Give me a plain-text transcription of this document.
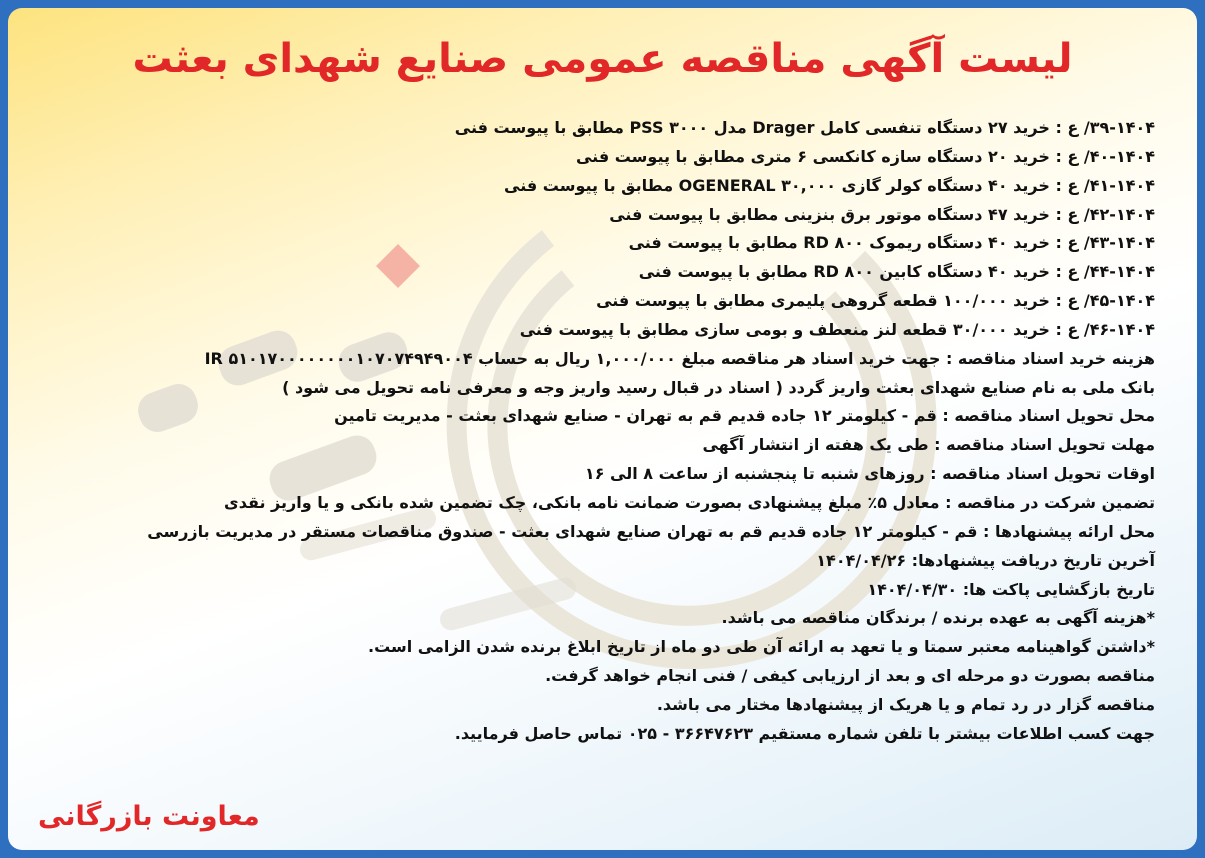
لیست آگهی مناقصه عمومی صنایع شهدای بعثت
۳۹-۱۴۰۴/ ع : خرید ۲۷ دستگاه تنفسی کامل Drager مدل ۳۰۰۰ PSS مطابق با پیوست فنی
۴۰-۱۴۰۴/ ع : خرید ۲۰ دستگاه سازه کانکسی ۶ متری مطابق با پیوست فنی
۴۱-۱۴۰۴/ ع : خرید ۴۰ دستگاه کولر گازی ۳۰,۰۰۰ OGENERAL مطابق با پیوست فنی
۴۲-۱۴۰۴/ ع : خرید ۴۷ دستگاه موتور برق بنزینی مطابق با پیوست فنی
۴۳-۱۴۰۴/ ع : خرید ۴۰ دستگاه ریموک ۸۰۰ RD مطابق با پیوست فنی
۴۴-۱۴۰۴/ ع : خرید ۴۰ دستگاه کابین ۸۰۰ RD مطابق با پیوست فنی
۴۵-۱۴۰۴/ ع : خرید ۱۰۰/۰۰۰ قطعه گروهی پلیمری مطابق با پیوست فنی
۴۶-۱۴۰۴/ ع : خرید ۳۰/۰۰۰ قطعه لنز منعطف و بومی سازی مطابق با پیوست فنی
هزینه خرید اسناد مناقصه : جهت خرید اسناد هر مناقصه مبلغ ۱,۰۰۰/۰۰۰ ریال به حساب ۵۱۰۱۷۰۰۰۰۰۰۰۰۱۰۷۰۷۴۹۴۹۰۰۴ IR
بانک ملی به نام صنایع شهدای بعثت واریز گردد ( اسناد در قبال رسید واریز وجه و معرفی نامه تحویل می شود )
محل تحویل اسناد مناقصه : قم - کیلومتر ۱۲ جاده قدیم قم به تهران - صنایع شهدای بعثت - مدیریت تامین
مهلت تحویل اسناد مناقصه : طی یک هفته از انتشار آگهی
اوقات تحویل اسناد مناقصه : روزهای شنبه تا پنجشنبه از ساعت ۸ الی ۱۶
تضمین شرکت در مناقصه : معادل ۵٪ مبلغ پیشنهادی بصورت ضمانت نامه بانکی، چک تضمین شده بانکی و یا واریز نقدی
محل ارائه پیشنهادها : قم - کیلومتر ۱۲ جاده قدیم قم به تهران صنایع شهدای بعثت - صندوق مناقصات مستقر در مدیریت بازرسی
آخرین تاریخ دریافت پیشنهادها: ۱۴۰۴/۰۴/۲۶
تاریخ بازگشایی پاکت ها: ۱۴۰۴/۰۴/۳۰
*هزینه آگهی به عهده برنده / برندگان مناقصه می باشد.
*داشتن گواهینامه معتبر سمتا و یا تعهد به ارائه آن طی دو ماه از تاریخ ابلاغ برنده شدن الزامی است.
مناقصه بصورت دو مرحله ای و بعد از ارزیابی کیفی / فنی انجام خواهد گرفت.
مناقصه گزار در رد تمام و یا هریک از پیشنهادها مختار می باشد.
جهت کسب اطلاعات بیشتر با تلفن شماره مستقیم ۳۶۶۴۷۶۲۳ - ۰۲۵ تماس حاصل فرمایید.
معاونت بازرگانی
